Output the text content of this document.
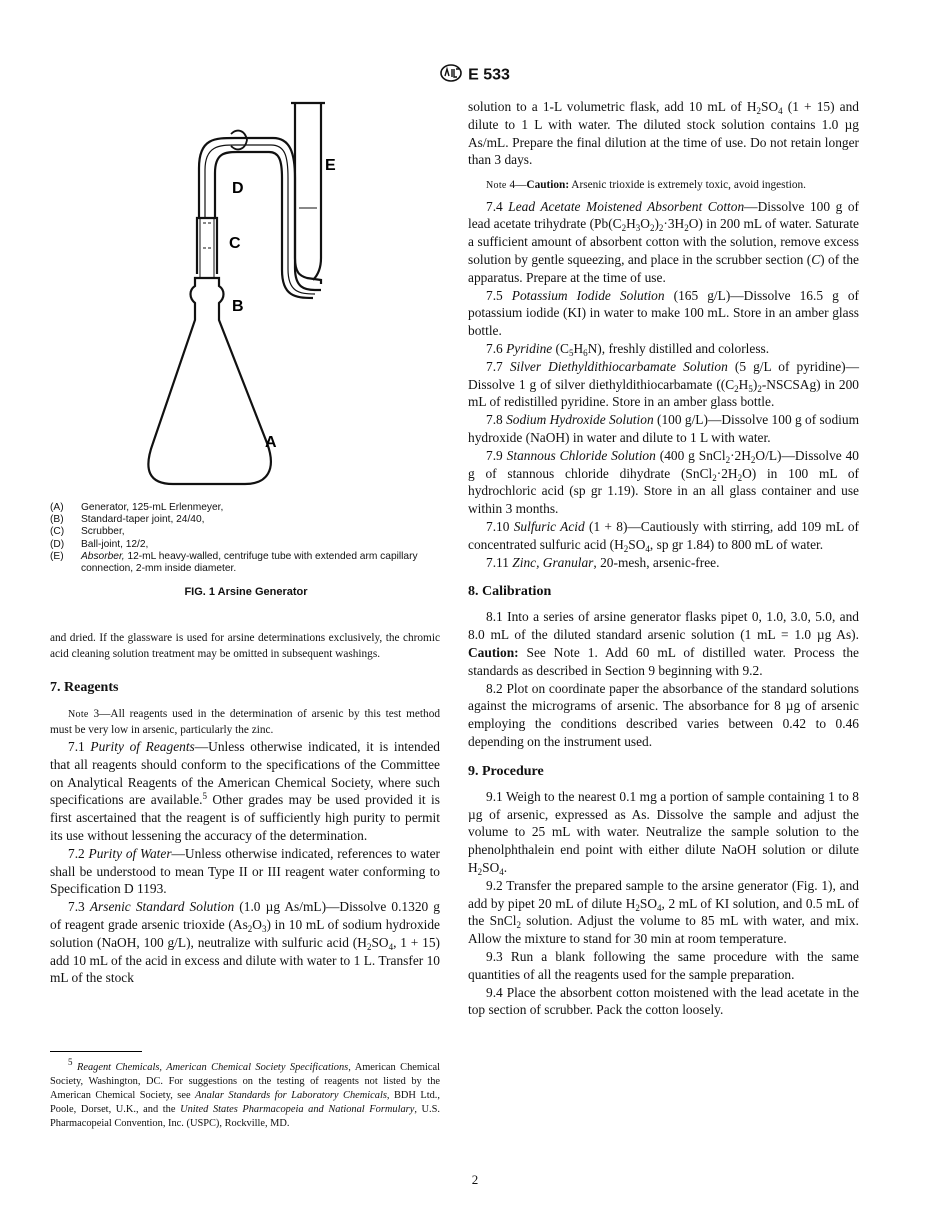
E 533
A
B
C
D
E
(A)	Generator, 125-mL Erlenmeyer,
(B)	Standard-taper joint, 24/40,
(C)	Scrubber,
(D)	Ball-joint, 12/2,
(E)	Absorber, 12-mL heavy-walled, centrifuge tube with extended arm capillary connection, 2-mm inside diameter.
FIG. 1 Arsine Generator

and dried. If the glassware is used for arsine determinations exclusively, the chromic acid cleaning solution treatment may be omitted in subsequent washings.

7. Reagents

Note 3—All reagents used in the determination of arsenic by this test method must be very low in arsenic, particularly the zinc.

7.1 Purity of Reagents—Unless otherwise indicated, it is intended that all reagents should conform to the specifications of the Committee on Analytical Reagents of the American Chemical Society, where such specifications are available.$^5$ Other grades may be used provided it is first ascertained that the reagent is of sufficiently high purity to permit its use without lessening the accuracy of the determination.

7.2 Purity of Water—Unless otherwise indicated, references to water shall be understood to mean Type II or III reagent water conforming to Specification D 1193.

7.3 Arsenic Standard Solution (1.0 µg As/mL)—Dissolve 0.1320 g of reagent grade arsenic trioxide $(As_2O_3)$ in 10 mL of sodium hydroxide solution (NaOH, 100 g/L), neutralize with sulfuric acid ($H_2SO_4$, 1 + 15) add 10 mL of the acid in excess and dilute with water to 1 L. Transfer 10 mL of the stock

$^5$ Reagent Chemicals, American Chemical Society Specifications, American Chemical Society, Washington, DC. For suggestions on the testing of reagents not listed by the American Chemical Society, see Analar Standards for Laboratory Chemicals, BDH Ltd., Poole, Dorset, U.K., and the United States Pharmacopeia and National Formulary, U.S. Pharmacopeial Convention, Inc. (USPC), Rockville, MD.

solution to a 1-L volumetric flask, add 10 mL of $H_2SO_4$ (1 + 15) and dilute to 1 L with water. The diluted stock solution contains 1.0 µg As/mL. Prepare the final dilution at the time of use. Do not retain longer than 3 days.

Note 4—Caution: Arsenic trioxide is extremely toxic, avoid ingestion.

7.4 Lead Acetate Moistened Absorbent Cotton—Dissolve 100 g of lead acetate trihydrate $(Pb(C_2H_3O_2)_2\cdot 3H_2O)$ in 200 mL of water. Saturate a sufficient amount of absorbent cotton with the solution, remove excess solution by gentle squeezing, and place in the scrubber section (C) of the apparatus. Prepare at the time of use.

7.5 Potassium Iodide Solution (165 g/L)—Dissolve 16.5 g of potassium iodide (KI) in water to make 100 mL. Store in an amber glass bottle.

7.6 Pyridine $(C_5H_6N)$, freshly distilled and colorless.

7.7 Silver Diethyldithiocarbamate Solution (5 g/L of pyridine)—Dissolve 1 g of silver diethyldithiocarbamate $((C_2H_5)_2-NSCSAg)$ in 200 mL of redistilled pyridine. Store in an amber glass bottle.

7.8 Sodium Hydroxide Solution (100 g/L)—Dissolve 100 g of sodium hydroxide (NaOH) in water and dilute to 1 L with water.

7.9 Stannous Chloride Solution (400 g $SnCl_2\cdot 2H_2O/L)—Dissolve$ 40 g of stannous chloride dihydrate $(SnCl_2\cdot 2H_2O)$ in 100 mL of hydrochloric acid (sp gr 1.19). Store in an all glass container and use within 3 months.

7.10 Sulfuric Acid (1 + 8)—Cautiously with stirring, add 109 mL of concentrated sulfuric acid ($H_2SO_4$, sp gr 1.84) to 800 mL of water.

7.11 Zinc, Granular, 20-mesh, arsenic-free.

8. Calibration

8.1 Into a series of arsine generator flasks pipet 0, 1.0, 3.0, 5.0, and 8.0 mL of the diluted standard arsenic solution (1 mL = 1.0 µg As). Caution: See Note 1. Add 60 mL of distilled water. Process the standards as described in Section 9 beginning with 9.2.

8.2 Plot on coordinate paper the absorbance of the standard solutions against the micrograms of arsenic. The absorbance for 8 µg of arsenic employing the conditions described varies between 0.42 to 0.46 depending on the instrument used.

9. Procedure

9.1 Weigh to the nearest 0.1 mg a portion of sample containing 1 to 8 µg of arsenic, expressed as As. Dissolve the sample and adjust the volume to 25 mL with water. Neutralize the sample solution to the phenolphthalein end point with either dilute NaOH solution or dilute $H_2SO_4$.

9.2 Transfer the prepared sample to the arsine generator (Fig. 1), and add by pipet 20 mL of dilute $H_2SO_4$, 2 mL of KI solution, and 0.5 mL of the SnCl$_2$ solution. Adjust the volume to 85 mL with water, and mix. Allow the mixture to stand for 30 min at room temperature.

9.3 Run a blank following the same procedure with the same quantities of all the reagents used for the sample preparation.

9.4 Place the absorbent cotton moistened with the lead acetate in the top section of scrubber. Pack the cotton loosely.

2
